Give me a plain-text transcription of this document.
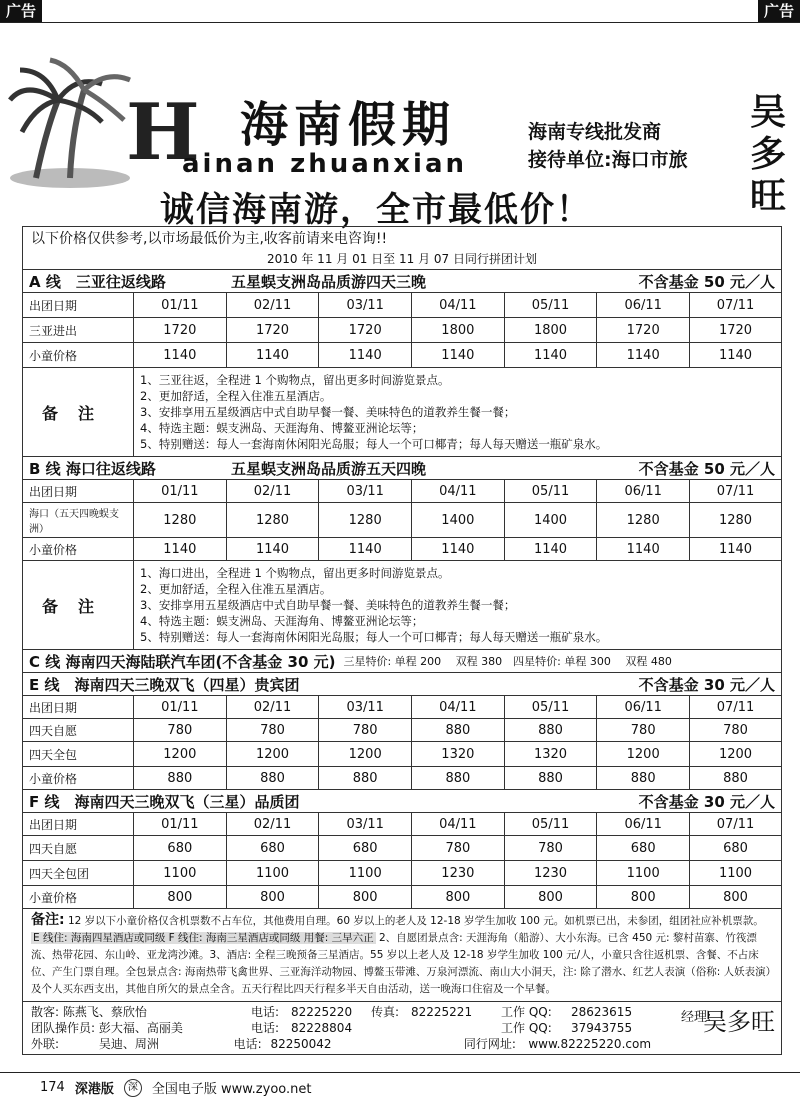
广告	广告
H 海南假期
ainan zhuanxian
海南专线批发商
接待单位:海口市旅
诚信海南游，全市最低价！
吴多旺
以下价格仅供参考,以市场最低价为主,收客前请来电咨询!!
2010 年 11 月 01 日至 11 月 07 日同行拼团计划
A 线　三亚往返线路	五星蜈支洲岛品质游四天三晚	不含基金 50 元／人
出团日期	01/11	02/11	03/11	04/11	05/11	06/11	07/11
三亚进出	1720	1720	1720	1800	1800	1720	1720
小童价格	1140	1140	1140	1140	1140	1140	1140
备注
1、三亚往返，全程进 1 个购物点，留出更多时间游览景点。
2、更加舒适，全程入住准五星酒店。
3、安排享用五星级酒店中式自助早餐一餐、美味特色的道教养生餐一餐；
4、特选主题：蜈支洲岛、天涯海角、博鳌亚洲论坛等；
5、特别赠送：每人一套海南休闲阳光岛服；每人一个可口椰青；每人每天赠送一瓶矿泉水。
B 线 海口往返线路	五星蜈支洲岛品质游五天四晚	不含基金 50 元／人
出团日期	01/11	02/11	03/11	04/11	05/11	06/11	07/11
海口（五天四晚蜈支洲）	1280	1280	1280	1400	1400	1280	1280
小童价格	1140	1140	1140	1140	1140	1140	1140
备注
1、海口进出，全程进 1 个购物点，留出更多时间游览景点。
2、更加舒适，全程入住准五星酒店。
3、安排享用五星级酒店中式自助早餐一餐、美味特色的道教养生餐一餐；
4、特选主题：蜈支洲岛、天涯海角、博鳌亚洲论坛等；
5、特别赠送：每人一套海南休闲阳光岛服；每人一个可口椰青；每人每天赠送一瓶矿泉水。
C 线 海南四天海陆联汽车团(不含基金 30 元) 三星特价: 单程 200　 双程 380　四星特价: 单程 300　 双程 480
E 线　海南四天三晚双飞（四星）贵宾团	不含基金 30 元／人
出团日期	01/11	02/11	03/11	04/11	05/11	06/11	07/11
四天自愿	780	780	780	880	880	780	780
四天全包	1200	1200	1200	1320	1320	1200	1200
小童价格	880	880	880	880	880	880	880
F 线　海南四天三晚双飞（三星）品质团	不含基金 30 元／人
出团日期	01/11	02/11	03/11	04/11	05/11	06/11	07/11
四天自愿	680	680	680	780	780	680	680
四天全包团	1100	1100	1100	1230	1230	1100	1100
小童价格	800	800	800	800	800	800	800
备注: 12 岁以下小童价格仅含机票数不占车位，其他费用自理。60 岁以上的老人及 12-18 岁学生加收 100 元。如机票已出，未参团，组团社应补机票款。 E 线住: 海南四星酒店或同级 F 线住: 海南三星酒店或同级 用餐: 三早六正 2、自愿团景点含: 天涯海角（船游）、大小东海。已含 450 元: 黎村苗寨、竹筏漂流、热带花园、东山岭、亚龙湾沙滩。3、酒店: 全程三晚预备三星酒店。55 岁以上老人及 12-18 岁学生加收 100 元/人，小童只含往返机票、含餐、不占床位、产生门票自理。全包景点含: 海南热带飞禽世界、三亚海洋动物园、博鳌玉带滩、万泉河漂流、南山大小洞天，注: 除了潜水、红艺人表演（俗称: 人妖表演）及个人买东西支出，其他自所欠的景点全含。五天行程比四天行程多半天自由活动，送一晚海口住宿及一个早餐。
散客: 陈燕飞、蔡欣怡	电话: 82225220	传真: 82225221	工作 QQ:	28623615
团队操作员: 彭大福、高丽美	电话: 82228804	工作 QQ:	37943755
外联:　　　 吴迪、周洲	电话: 82250042	同行网址:	www.82225220.com
经理:
吴多旺
174 深港版	深	全国电子版 www.zyoo.net
